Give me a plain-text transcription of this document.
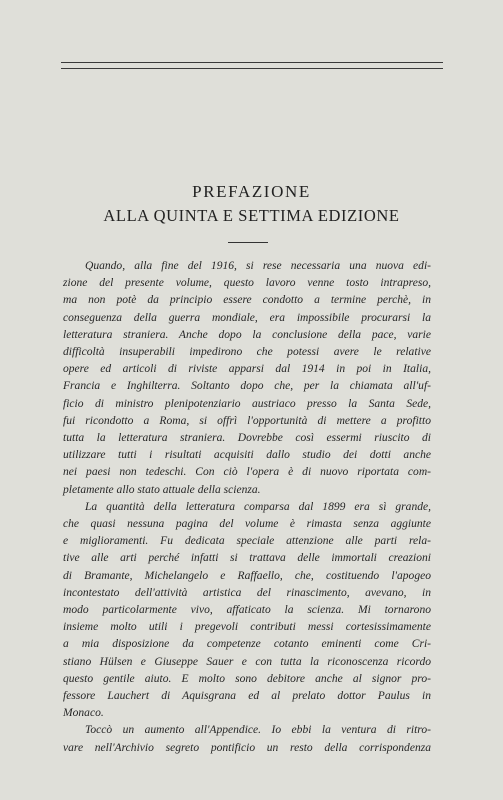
PREFAZIONE
ALLA QUINTA E SETTIMA EDIZIONE
Quando, alla fine del 1916, si rese necessaria una nuova edi-
zione del presente volume, questo lavoro venne tosto intrapreso,
ma non potè da principio essere condotto a termine perchè, in
conseguenza della guerra mondiale, era impossibile procurarsi la
letteratura straniera. Anche dopo la conclusione della pace, varie
difficoltà insuperabili impedirono che potessi avere le relative
opere ed articoli di riviste apparsi dal 1914 in poi in Italia,
Francia e Inghilterra. Soltanto dopo che, per la chiamata all'uf-
ficio di ministro plenipotenziario austriaco presso la Santa Sede,
fui ricondotto a Roma, si offrì l'opportunità di mettere a profitto
tutta la letteratura straniera. Dovrebbe così essermi riuscito di
utilizzare tutti i risultati acquisiti dallo studio dei dotti anche
nei paesi non tedeschi. Con ciò l'opera è di nuovo riportata com-
pletamente allo stato attuale della scienza.
La quantità della letteratura comparsa dal 1899 era sì grande,
che quasi nessuna pagina del volume è rimasta senza aggiunte
e miglioramenti. Fu dedicata speciale attenzione alle parti rela-
tive alle arti perché infatti si trattava delle immortali creazioni
di Bramante, Michelangelo e Raffaello, che, costituendo l'apogeo
incontestato dell'attività artistica del rinascimento, avevano, in
modo particolarmente vivo, affaticato la scienza. Mi tornarono
insieme molto utili i pregevoli contributi messi cortesissimamente
a mia disposizione da competenze cotanto eminenti come Cri-
stiano Hülsen e Giuseppe Sauer e con tutta la riconoscenza ricordo
questo gentile aiuto. E molto sono debitore anche al signor pro-
fessore Lauchert di Aquisgrana ed al prelato dottor Paulus in
Monaco.
Toccò un aumento all'Appendice. Io ebbi la ventura di ritro-
vare nell'Archivio segreto pontificio un resto della corrispondenza
